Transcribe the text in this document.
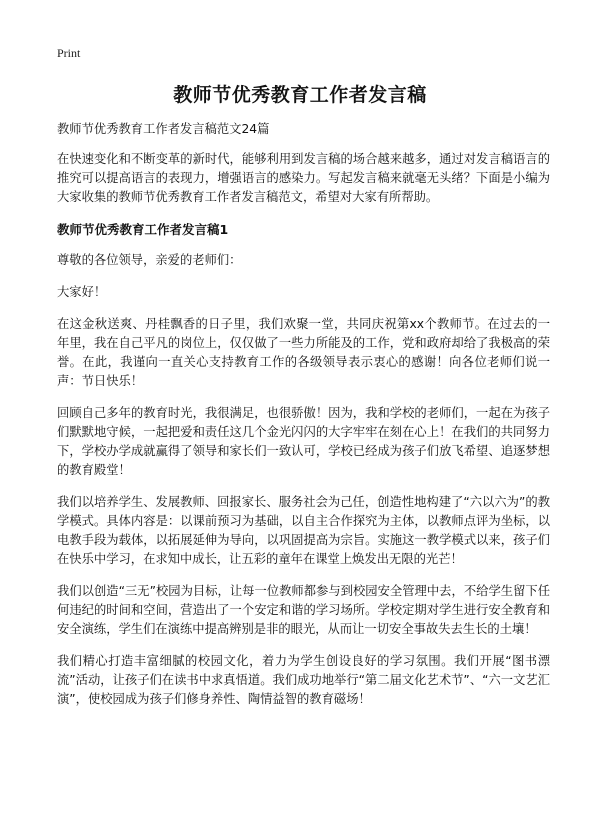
Print
教师节优秀教育工作者发言稿

教师节优秀教育工作者发言稿范文24篇

在快速变化和不断变革的新时代，能够利用到发言稿的场合越来越多，通过对发言稿语言的推究可以提高语言的表现力，增强语言的感染力。写起发言稿来就毫无头绪？下面是小编为大家收集的教师节优秀教育工作者发言稿范文，希望对大家有所帮助。

教师节优秀教育工作者发言稿1

尊敬的各位领导，亲爱的老师们：

大家好！

在这金秋送爽、丹桂飘香的日子里，我们欢聚一堂，共同庆祝第xx个教师节。在过去的一年里，我在自己平凡的岗位上，仅仅做了一些力所能及的工作，党和政府却给了我极高的荣誉。在此，我谨向一直关心支持教育工作的各级领导表示衷心的感谢！向各位老师们说一声：节日快乐！

回顾自己多年的教育时光，我很满足，也很骄傲！因为，我和学校的老师们，一起在为孩子们默默地守候，一起把爱和责任这几个金光闪闪的大字牢牢在刻在心上！在我们的共同努力下，学校办学成就赢得了领导和家长们一致认可，学校已经成为孩子们放飞希望、追逐梦想的教育殿堂！

我们以培养学生、发展教师、回报家长、服务社会为己任，创造性地构建了“六以六为”的教学模式。具体内容是：以课前预习为基础，以自主合作探究为主体，以教师点评为坐标，以电教手段为载体，以拓展延伸为导向，以巩固提高为宗旨。实施这一教学模式以来，孩子们在快乐中学习，在求知中成长，让五彩的童年在课堂上焕发出无限的光芒！

我们以创造“三无”校园为目标，让每一位教师都参与到校园安全管理中去，不给学生留下任何违纪的时间和空间，营造出了一个安定和谐的学习场所。学校定期对学生进行安全教育和安全演练，学生们在演练中提高辨别是非的眼光，从而让一切安全事故失去生长的土壤！

我们精心打造丰富细腻的校园文化，着力为学生创设良好的学习氛围。我们开展“图书漂流”活动，让孩子们在读书中求真悟道。我们成功地举行“第二届文化艺术节”、“六一文艺汇演”，使校园成为孩子们修身养性、陶情益智的教育磁场！
